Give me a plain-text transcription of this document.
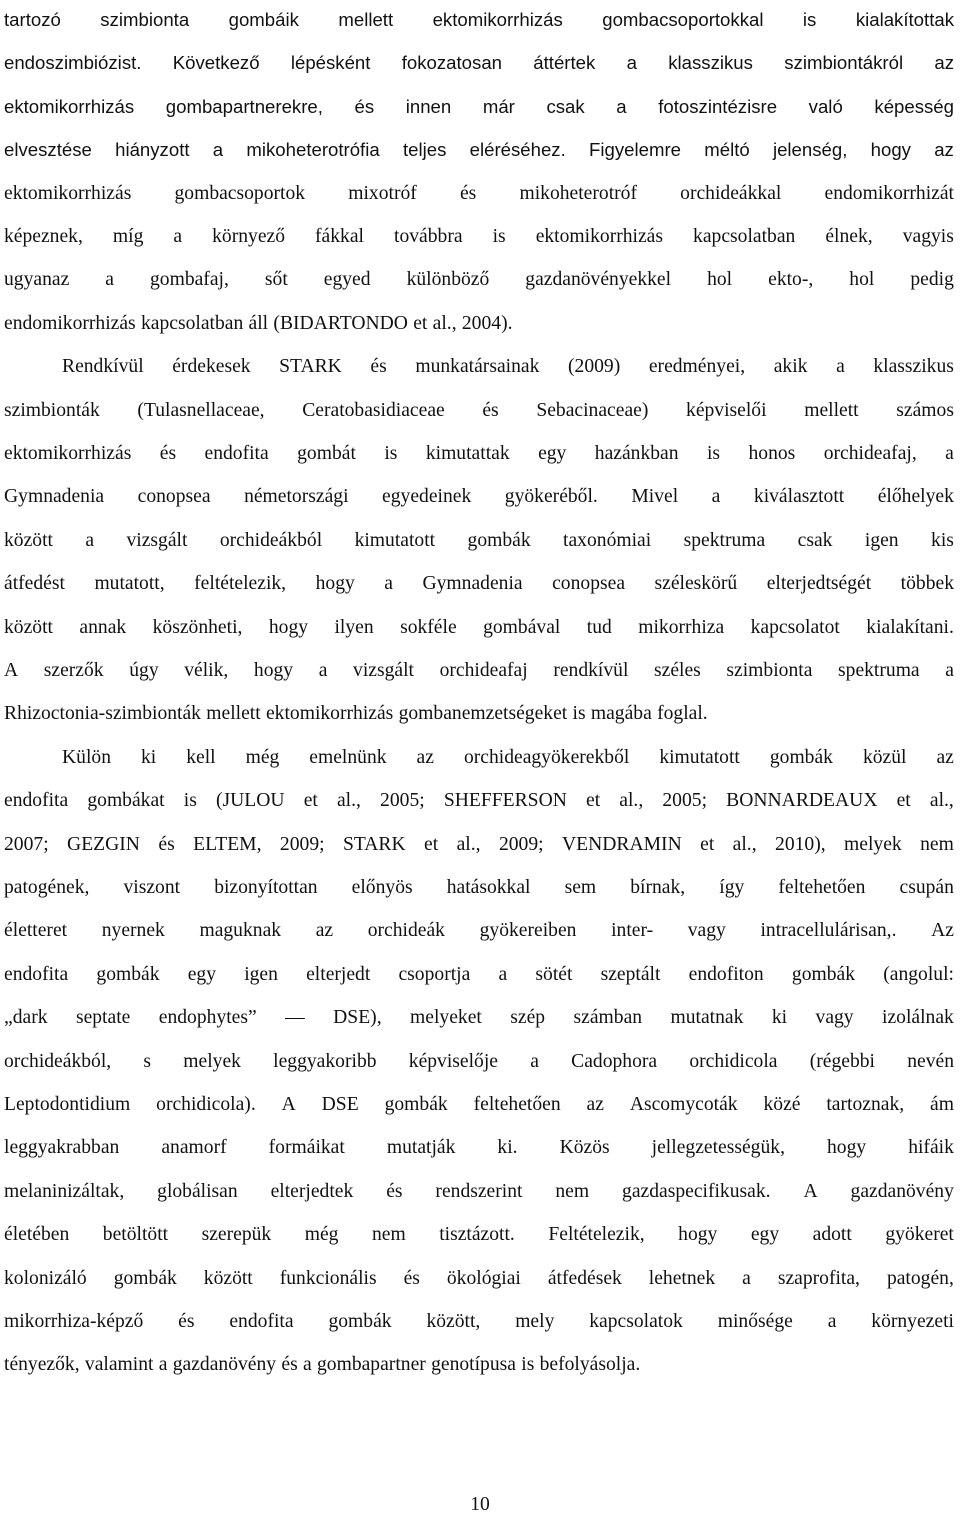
tartozó szimbionta gombáik mellett ektomikorrhizás gombacsoportokkal is kialakítottak
endoszimbiózist. Következő lépésként fokozatosan áttértek a klasszikus szimbiontákról az
ektomikorrhizás gombapartnerekre, és innen már csak a fotoszintézisre való képesség
elvesztése hiányzott a mikoheterotrófia teljes eléréséhez. Figyelemre méltó jelenség, hogy az
ektomikorrhizás gombacsoportok mixotróf és mikoheterotróf orchideákkal endomikorrhizát
képeznek, míg a környező fákkal továbbra is ektomikorrhizás kapcsolatban élnek, vagyis
ugyanaz a gombafaj, sőt egyed különböző gazdanövényekkel hol ekto-, hol pedig
endomikorrhizás kapcsolatban áll (BIDARTONDO et al., 2004).
Rendkívül érdekesek STARK és munkatársainak (2009) eredményei, akik a klasszikus
szimbionták (Tulasnellaceae, Ceratobasidiaceae és Sebacinaceae) képviselői mellett számos
ektomikorrhizás és endofita gombát is kimutattak egy hazánkban is honos orchideafaj, a
Gymnadenia conopsea németországi egyedeinek gyökeréből. Mivel a kiválasztott élőhelyek
között a vizsgált orchideákból kimutatott gombák taxonómiai spektruma csak igen kis
átfedést mutatott, feltételezik, hogy a Gymnadenia conopsea széleskörű elterjedtségét többek
között annak köszönheti, hogy ilyen sokféle gombával tud mikorrhiza kapcsolatot kialakítani.
A szerzők úgy vélik, hogy a vizsgált orchideafaj rendkívül széles szimbionta spektruma a
Rhizoctonia-szimbionták mellett ektomikorrhizás gombanemzetségeket is magába foglal.
Külön ki kell még emelnünk az orchideagyökerekből kimutatott gombák közül az
endofita gombákat is (JULOU et al., 2005; SHEFFERSON et al., 2005; BONNARDEAUX et al.,
2007; GEZGIN és ELTEM, 2009; STARK et al., 2009; VENDRAMIN et al., 2010), melyek nem
patogének, viszont bizonyítottan előnyös hatásokkal sem bírnak, így feltehetően csupán
életteret nyernek maguknak az orchideák gyökereiben inter- vagy intracellulárisan,. Az
endofita gombák egy igen elterjedt csoportja a sötét szeptált endofiton gombák (angolul:
„dark septate endophytes” — DSE), melyeket szép számban mutatnak ki vagy izolálnak
orchideákból, s melyek leggyakoribb képviselője a Cadophora orchidicola (régebbi nevén
Leptodontidium orchidicola). A DSE gombák feltehetően az Ascomycoták közé tartoznak, ám
leggyakrabban anamorf formáikat mutatják ki. Közös jellegzetességük, hogy hifáik
melaninizáltak, globálisan elterjedtek és rendszerint nem gazdaspecifikusak. A gazdanövény
életében betöltött szerepük még nem tisztázott. Feltételezik, hogy egy adott gyökeret
kolonizáló gombák között funkcionális és ökológiai átfedések lehetnek a szaprofita, patogén,
mikorrhiza-képző és endofita gombák között, mely kapcsolatok minősége a környezeti
tényezők, valamint a gazdanövény és a gombapartner genotípusa is befolyásolja.
10
